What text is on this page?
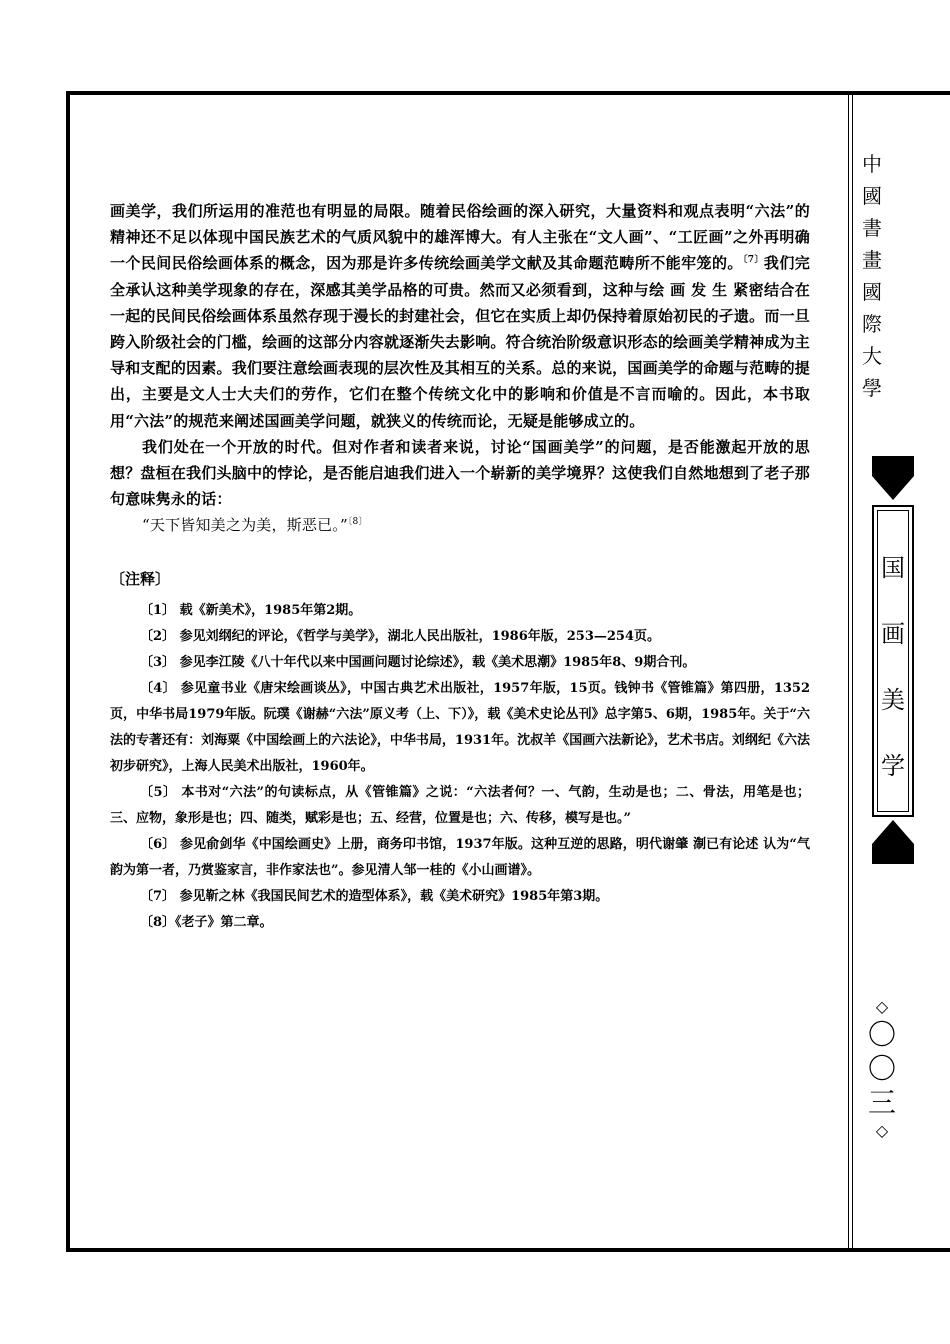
画美学，我们所运用的准范也有明显的局限。随着民俗绘画的深入研究，大量资料和观点表明“六法”的精神还不足以体现中国民族艺术的气质风貌中的雄浑博大。有人主张在“文人画”、“工匠画”之外再明确一个民间民俗绘画体系的概念，因为那是许多传统绘画美学文献及其命题范畴所不能牢笼的。$^{〔7〕}$我们完全承认这种美学现象的存在，深感其美学品格的可贵。然而又必须看到，这种与绘 画 发 生 紧密结合在一起的民间民俗绘画体系虽然存现于漫长的封建社会，但它在实质上却仍保持着原始初民的孑遗。而一旦跨入阶级社会的门槛，绘画的这部分内容就逐渐失去影响。符合统治阶级意识形态的绘画美学精神成为主导和支配的因素。我们要注意绘画表现的层次性及其相互的关系。总的来说，国画美学的命题与范畴的提出，主要是文人士大夫们的劳作，它们在整个传统文化中的影响和价值是不言而喻的。因此，本书取用“六法”的规范来阐述国画美学问题，就狭义的传统而论，无疑是能够成立的。

我们处在一个开放的时代。但对作者和读者来说，讨论“国画美学”的问题，是否能激起开放的思想？盘桓在我们头脑中的悖论，是否能启迪我们进入一个崭新的美学境界？这使我们自然地想到了老子那句意味隽永的话：

“天下皆知美之为美，斯恶已。”$^{〔8〕}$

〔注释〕

〔1〕 载《新美术》，1985年第2期。

〔2〕 参见刘纲纪的评论，《哲学与美学》，湖北人民出版社，1986年版，253—254页。

〔3〕 参见李江陵《八十年代以来中国画问题讨论综述》，载《美术思潮》1985年8、9期合刊。

〔4〕 参见童书业《唐宋绘画谈丛》，中国古典艺术出版社，1957年版，15页。钱钟书《管锥篇》第四册，1352页，中华书局1979年版。阮璞《谢赫“六法”原义考（上、下）》，载《美术史论丛刊》总字第5、6期，1985年。关于“六法的专著还有：刘海粟《中国绘画上的六法论》，中华书局，1931年。沈叔羊《国画六法新论》，艺术书店。刘纲纪《六法初步研究》，上海人民美术出版社，1960年。

〔5〕 本书对“六法”的句读标点，从《管锥篇》之说：“六法者何？一、气韵，生动是也；二、骨法，用笔是也；三、应物，象形是也；四、随类，赋彩是也；五、经营，位置是也；六、传移，模写是也。”

〔6〕 参见俞剑华《中国绘画史》上册，商务印书馆，1937年版。这种互逆的思路，明代谢肇 淛已有论述 认为“气韵为第一者，乃赏鉴家言，非作家法也”。参见清人邹一桂的《小山画谱》。

〔7〕 参见靳之林《我国民间艺术的造型体系》，载《美术研究》1985年第3期。

〔8〕《老子》第二章。

中
國
書
畫
國
際
大
學
国
画
美
学
◇
〇
〇
三
◇
